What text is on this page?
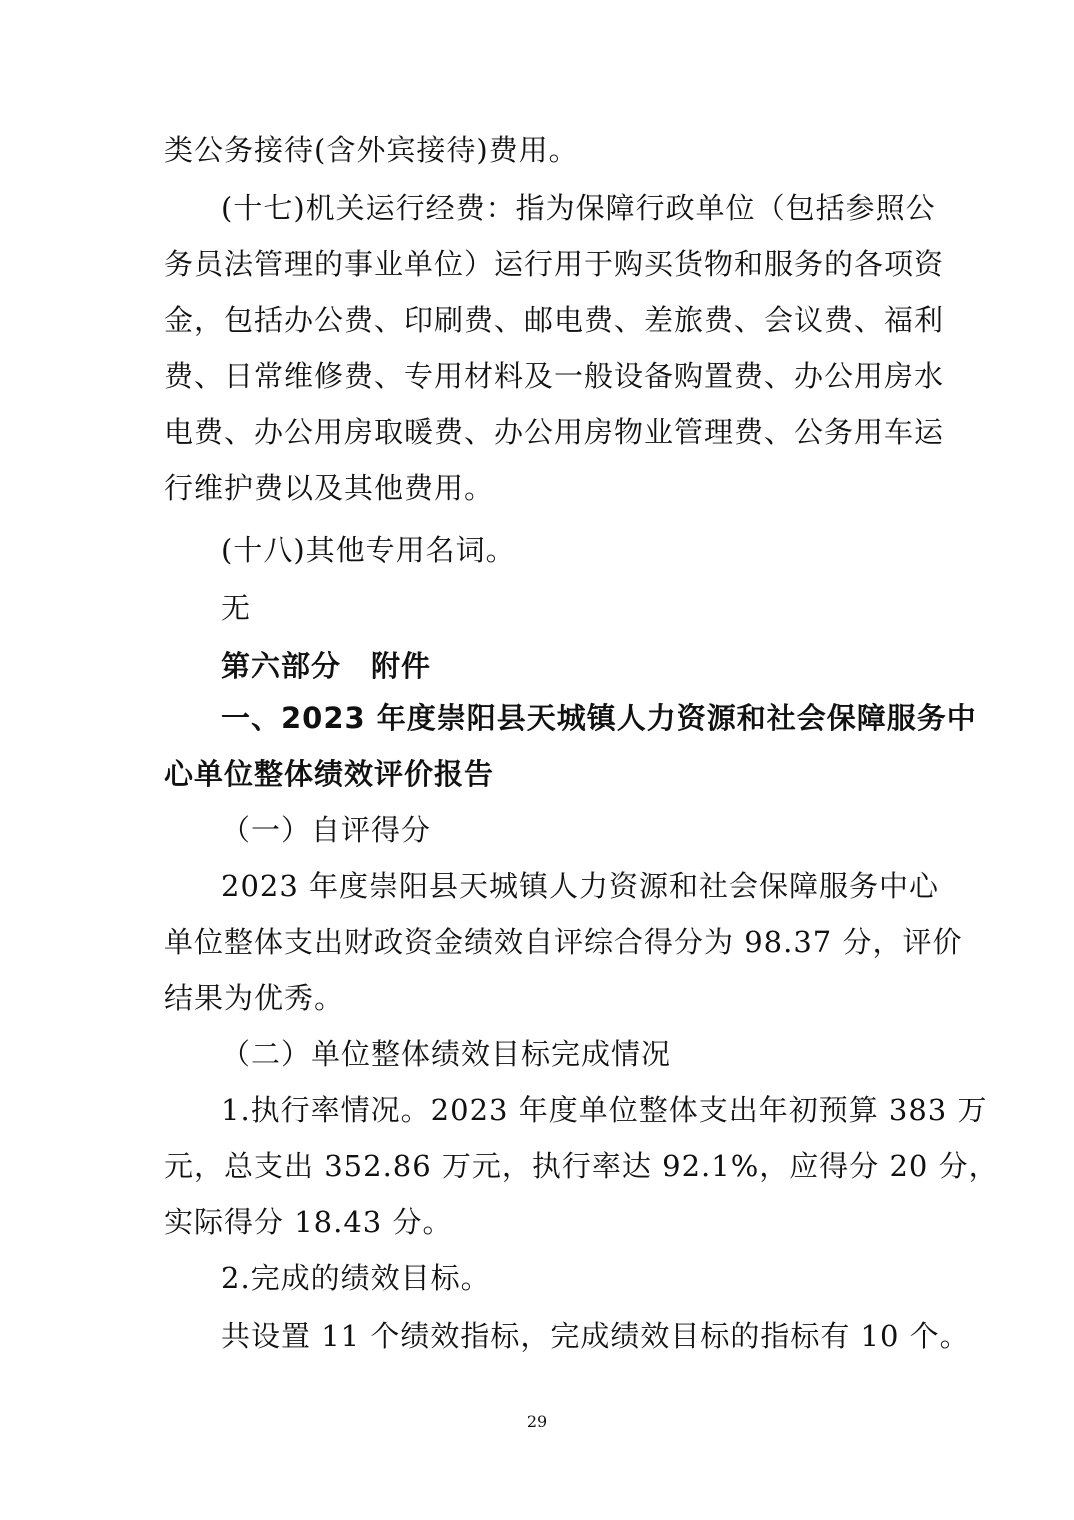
类公务接待(含外宾接待)费用。
(十七)机关运行经费：指为保障行政单位（包括参照公
务员法管理的事业单位）运行用于购买货物和服务的各项资
金，包括办公费、印刷费、邮电费、差旅费、会议费、福利
费、日常维修费、专用材料及一般设备购置费、办公用房水
电费、办公用房取暖费、办公用房物业管理费、公务用车运
行维护费以及其他费用。
(十八)其他专用名词。
无
第六部分　附件
一、2023 年度崇阳县天城镇人力资源和社会保障服务中
心单位整体绩效评价报告
（一）自评得分
2023 年度崇阳县天城镇人力资源和社会保障服务中心
单位整体支出财政资金绩效自评综合得分为 98.37 分，评价
结果为优秀。
（二）单位整体绩效目标完成情况
1.执行率情况。2023 年度单位整体支出年初预算 383 万
元，总支出 352.86 万元，执行率达 92.1%，应得分 20 分，
实际得分 18.43 分。
2.完成的绩效目标。
共设置 11 个绩效指标，完成绩效目标的指标有 10 个。
29
